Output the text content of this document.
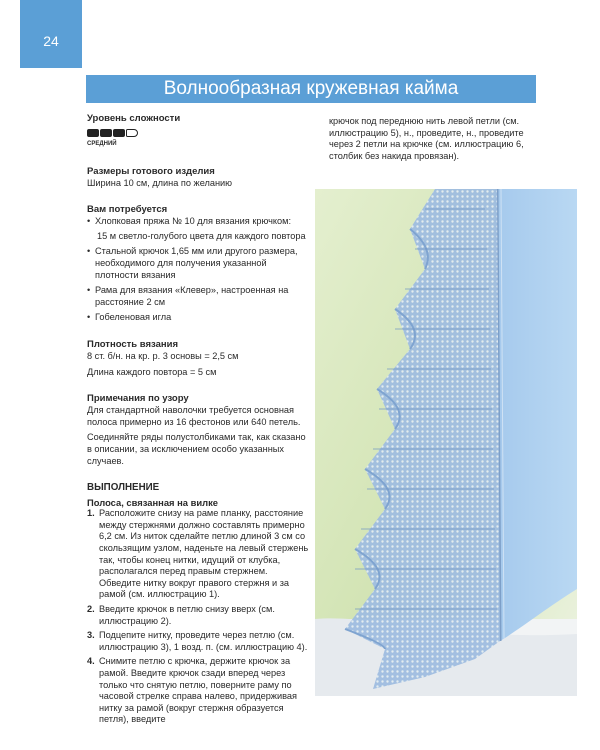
24
Волнообразная кружевная кайма
Уровень сложности
СРЕДНИЙ
Размеры готового изделия

Ширина 10 см, длина по желанию

Вам потребуется
• Хлопковая пряжа № 10 для вязания крючком:

15 м светло-голубого цвета для каждого повтора

• Стальной крючок 1,65 мм или другого размера, необходимого для получения указанной плотности вязания
• Рама для вязания «Клевер», настроенная на расстояние 2 см
• Гобеленовая игла
Плотность вязания

8 ст. б/н. на кр. р. 3 основы = 2,5 см

Длина каждого повтора = 5 см

Примечания по узору

Для стандартной наволочки требуется основная полоса примерно из 16 фестонов или 640 петель.

Соединяйте ряды полустолбиками так, как сказано в описании, за исключением особо указанных случаев.

ВЫПОЛНЕНИЕ
Полоса, связанная на вилке
1. Расположите снизу на раме планку, расстояние между стержнями должно составлять примерно 6,2 см. Из ниток сделайте петлю длиной 3 см со скользящим узлом, наденьте на левый стержень так, чтобы конец нитки, идущий от клубка, располагался перед правым стержнем. Обведите нитку вокруг правого стержня и за рамой (см. иллюстрацию 1).
2. Введите крючок в петлю снизу вверх (см. иллюстрацию 2).
3. Подцепите нитку, проведите через петлю (см. иллюстрацию 3), 1 возд. п. (см. иллюстрацию 4).
4. Снимите петлю с крючка, держите крючок за рамой. Введите крючок сзади вперед через только что снятую петлю, поверните раму по часовой стрелке справа налево, придерживая нитку за рамой (вокруг стержня образуется петля), введите
крючок под переднюю нить левой петли (см. иллюстрацию 5), н., проведите, н., проведите через 2 петли на крючке (см. иллюстрацию 6, столбик без накида провязан).
